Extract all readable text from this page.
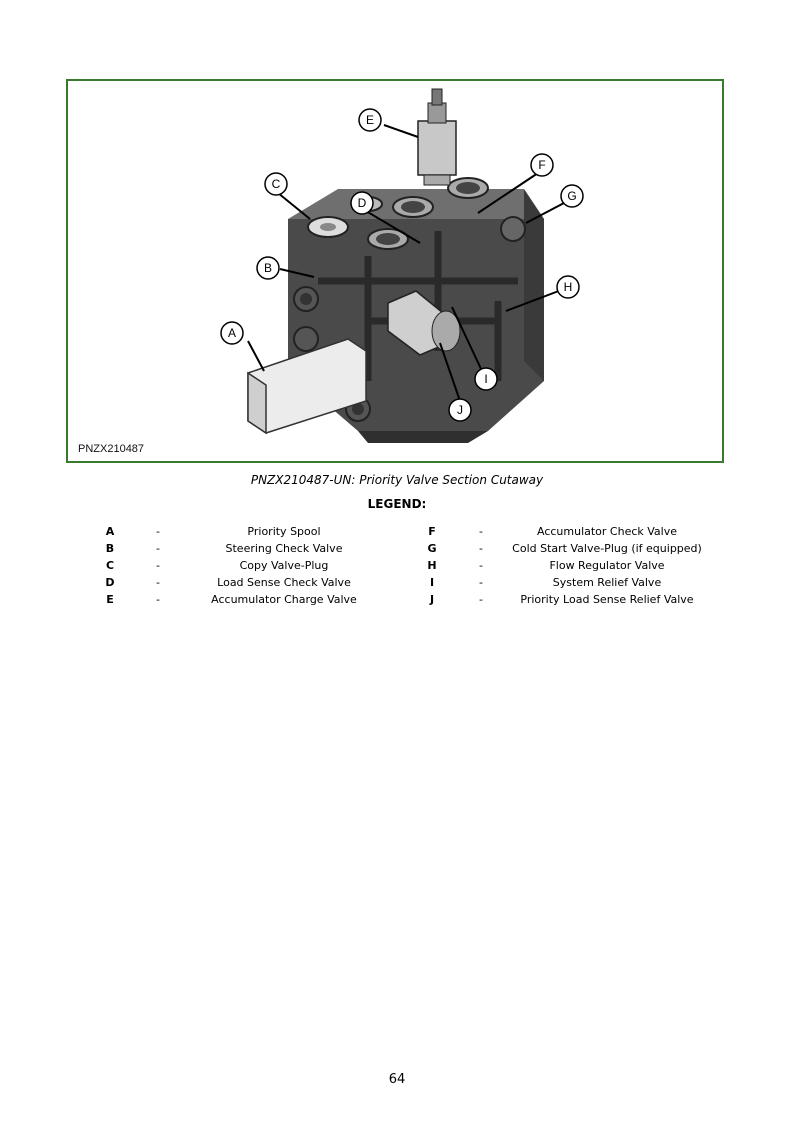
A
B
C
D
E
F
G
H
I
J
PNZX210487
PNZX210487-UN: Priority Valve Section Cutaway
LEGEND:
A	-	Priority Spool	F	-	Accumulator Check Valve
B	-	Steering Check Valve	G	-	Cold Start Valve-Plug (if equipped)
C	-	Copy Valve-Plug	H	-	Flow Regulator Valve
D	-	Load Sense Check Valve	I	-	System Relief Valve
E	-	Accumulator Charge Valve	J	-	Priority Load Sense Relief Valve
64
